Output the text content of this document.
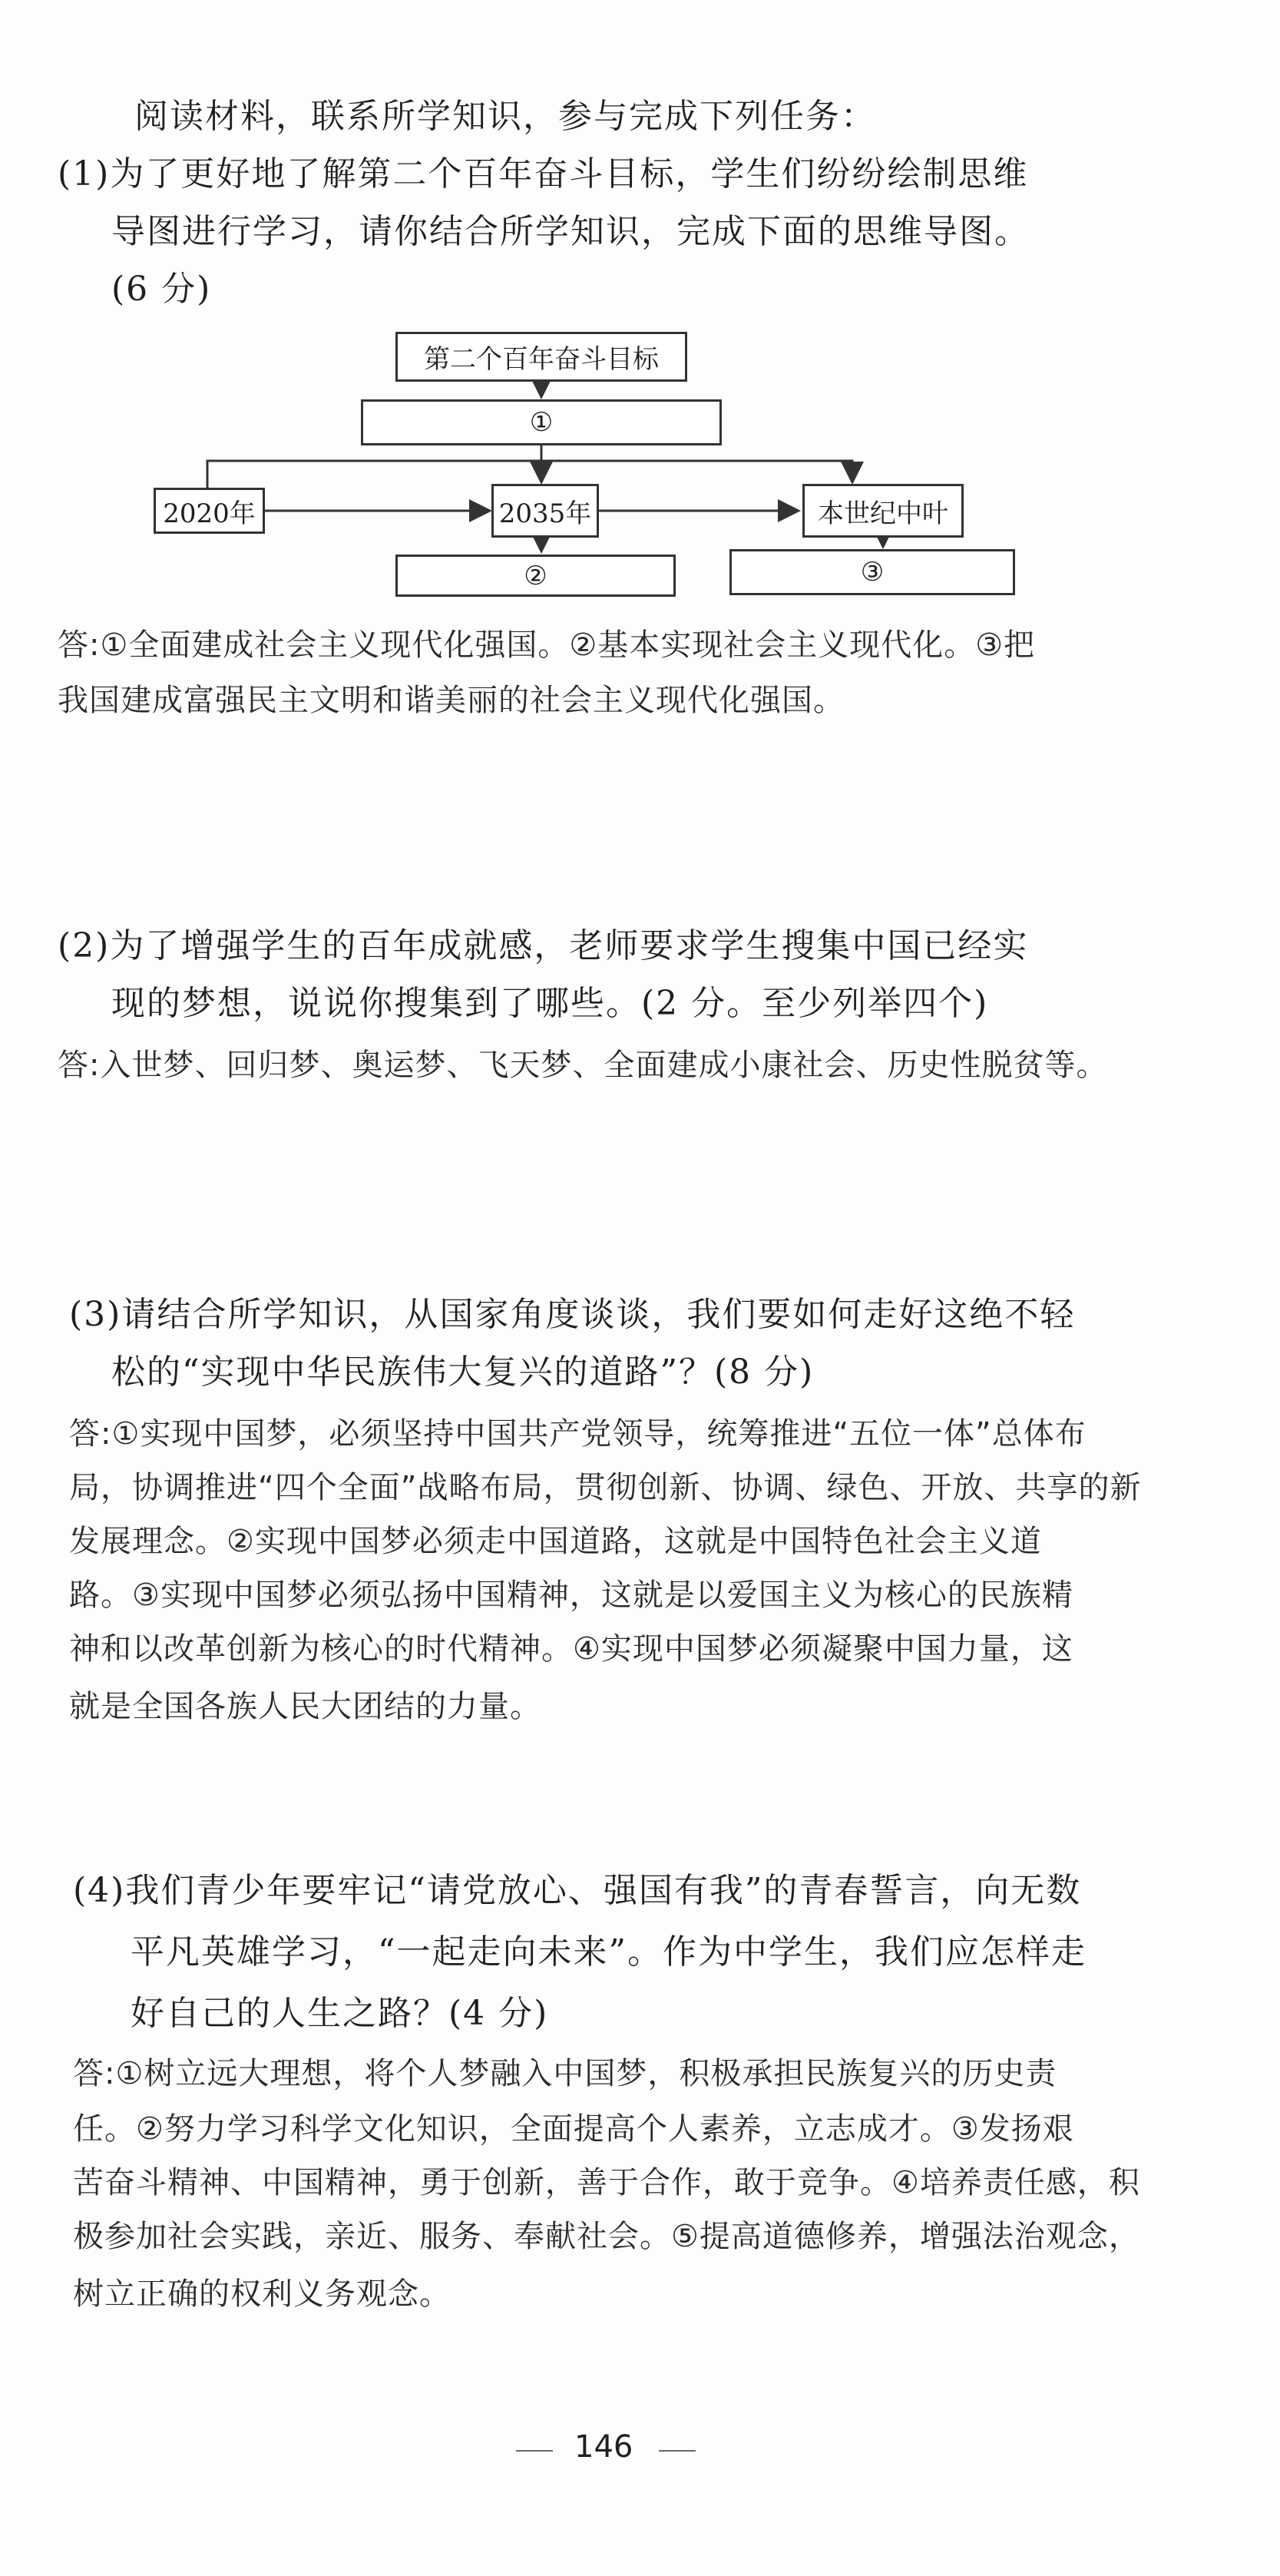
阅读材料，联系所学知识，参与完成下列任务：
(1)为了更好地了解第二个百年奋斗目标，学生们纷纷绘制思维
导图进行学习，请你结合所学知识，完成下面的思维导图。
(6 分)
第二个百年奋斗目标
①
2020年	2035年	本世纪中叶
②	③
答:①全面建成社会主义现代化强国。②基本实现社会主义现代化。③把
我国建成富强民主文明和谐美丽的社会主义现代化强国。
(2)为了增强学生的百年成就感，老师要求学生搜集中国已经实
现的梦想，说说你搜集到了哪些。(2 分。至少列举四个)
答:入世梦、回归梦、奥运梦、飞天梦、全面建成小康社会、历史性脱贫等。
(3)请结合所学知识，从国家角度谈谈，我们要如何走好这绝不轻
松的“实现中华民族伟大复兴的道路”？(8 分)
答:①实现中国梦，必须坚持中国共产党领导，统筹推进“五位一体”总体布
局，协调推进“四个全面”战略布局，贯彻创新、协调、绿色、开放、共享的新
发展理念。②实现中国梦必须走中国道路，这就是中国特色社会主义道
路。③实现中国梦必须弘扬中国精神，这就是以爱国主义为核心的民族精
神和以改革创新为核心的时代精神。④实现中国梦必须凝聚中国力量，这
就是全国各族人民大团结的力量。
(4)我们青少年要牢记“请党放心、强国有我”的青春誓言，向无数
平凡英雄学习，“一起走向未来”。作为中学生，我们应怎样走
好自己的人生之路？(4 分)
答:①树立远大理想，将个人梦融入中国梦，积极承担民族复兴的历史责
任。②努力学习科学文化知识，全面提高个人素养，立志成才。③发扬艰
苦奋斗精神、中国精神，勇于创新，善于合作，敢于竞争。④培养责任感，积
极参加社会实践，亲近、服务、奉献社会。⑤提高道德修养，增强法治观念，
树立正确的权利义务观念。
146
